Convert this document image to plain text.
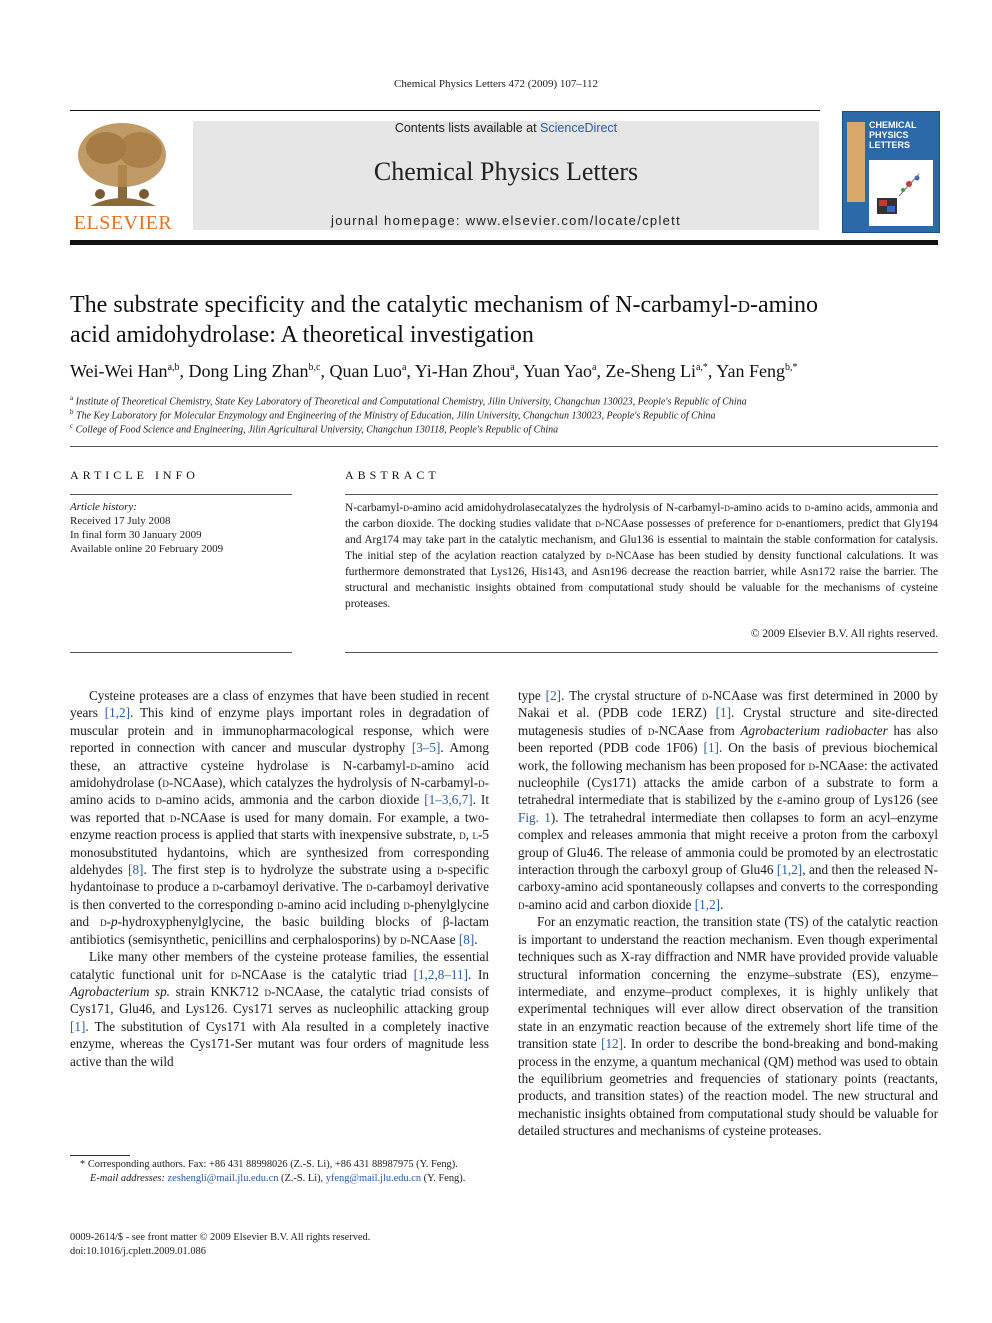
Chemical Physics Letters 472 (2009) 107–112
ELSEVIER
Contents lists available at ScienceDirect
Chemical Physics Letters
journal homepage: www.elsevier.com/locate/cplett
CHEMICAL
PHYSICS
LETTERS
The substrate specificity and the catalytic mechanism of N-carbamyl-d-amino
acid amidohydrolase: A theoretical investigation
Wei-Wei Han$^{a,b}$, Dong Ling Zhan$^{b,c}$, Quan Luo$^a$, Yi-Han Zhou$^a$, Yuan Yao$^a$, Ze-Sheng $Li^{a,*}$, Yan Feng$^{b,*}$
$^a$ Institute of Theoretical Chemistry, State Key Laboratory of Theoretical and Computational Chemistry, Jilin University, Changchun 130023, People's Republic of China
$^b$ The Key Laboratory for Molecular Enzymology and Engineering of the Ministry of Education, Jilin University, Changchun 130023, People's Republic of China
$^c$ College of Food Science and Engineering, Jilin Agricultural University, Changchun 130118, People's Republic of China
ARTICLE INFO
Article history:
Received 17 July 2008
In final form 30 January 2009
Available online 20 February 2009
ABSTRACT
N-carbamyl-d-amino acid amidohydrolasecatalyzes the hydrolysis of N-carbamyl-d-amino acids to d-amino acids, ammonia and the carbon dioxide. The docking studies validate that d-NCAase possesses of preference for d-enantiomers, predict that Gly194 and Arg174 may take part in the catalytic mechanism, and Glu136 is essential to maintain the stable conformation for catalysis. The initial step of the acylation reaction catalyzed by d-NCAase has been studied by density functional calculations. It was furthermore demonstrated that Lys126, His143, and Asn196 decrease the reaction barrier, while Asn172 raise the barrier. The structural and mechanistic insights obtained from computational study should be valuable for the mechanisms of cysteine proteases.
© 2009 Elsevier B.V. All rights reserved.

Cysteine proteases are a class of enzymes that have been studied in recent years [1,2]. This kind of enzyme plays important roles in degradation of muscular protein and in immunopharmacological response, which were reported in connection with cancer and muscular dystrophy [3–5]. Among these, an attractive cysteine hydrolase is N-carbamyl-d-amino acid amidohydrolase (d-NCAase), which catalyzes the hydrolysis of N-carbamyl-d-amino acids to d-amino acids, ammonia and the carbon dioxide [1–3,6,7]. It was reported that d-NCAase is used for many domain. For example, a two-enzyme reaction process is applied that starts with inexpensive substrate, d, l-5 monosubstituted hydantoins, which are synthesized from corresponding aldehydes [8]. The first step is to hydrolyze the substrate using a d-specific hydantoinase to produce a d-carbamoyl derivative. The d-carbamoyl derivative is then converted to the corresponding d-amino acid including d-phenylglycine and d-p-hydroxyphenylglycine, the basic building blocks of β-lactam antibiotics (semisynthetic, penicillins and cerphalosporins) by d-NCAase [8].

Like many other members of the cysteine protease families, the essential catalytic functional unit for d-NCAase is the catalytic triad [1,2,8–11]. In Agrobacterium sp. strain KNK712 d-NCAase, the catalytic triad consists of Cys171, Glu46, and Lys126. Cys171 serves as nucleophilic attacking group [1]. The substitution of Cys171 with Ala resulted in a completely inactive enzyme, whereas the Cys171-Ser mutant was four orders of magnitude less active than the wild

* Corresponding authors. Fax: +86 431 88998026 (Z.-S. Li), +86 431 88987975 (Y. Feng).
E-mail addresses: zeshengli@mail.jlu.edu.cn (Z.-S. Li), yfeng@mail.jlu.edu.cn (Y. Feng).

type [2]. The crystal structure of d-NCAase was first determined in 2000 by Nakai et al. (PDB code 1ERZ) [1]. Crystal structure and site-directed mutagenesis studies of d-NCAase from Agrobacterium radiobacter has also been reported (PDB code 1F06) [1]. On the basis of previous biochemical work, the following mechanism has been proposed for d-NCAase: the activated nucleophile (Cys171) attacks the amide carbon of a substrate to form a tetrahedral intermediate that is stabilized by the ε-amino group of Lys126 (see Fig. 1). The tetrahedral intermediate then collapses to form an acyl–enzyme complex and releases ammonia that might receive a proton from the carboxyl group of Glu46. The release of ammonia could be promoted by an electrostatic interaction through the carboxyl group of Glu46 [1,2], and then the released N-carboxy-amino acid spontaneously collapses and converts to the corresponding d-amino acid and carbon dioxide [1,2].

For an enzymatic reaction, the transition state (TS) of the catalytic reaction is important to understand the reaction mechanism. Even though experimental techniques such as X-ray diffraction and NMR have provided provide valuable structural information concerning the enzyme–substrate (ES), enzyme–intermediate, and enzyme–product complexes, it is highly unlikely that experimental techniques will ever allow direct observation of the transition state in an enzymatic reaction because of the extremely short life time of the transition state [12]. In order to describe the bond-breaking and bond-making process in the enzyme, a quantum mechanical (QM) method was used to obtain the equilibrium geometries and frequencies of stationary points (reactants, products, and transition states) of the reaction model. The new structural and mechanistic insights obtained from computational study should be valuable for detailed structures and mechanisms of cysteine proteases.

0009-2614/$ - see front matter © 2009 Elsevier B.V. All rights reserved.
doi:10.1016/j.cplett.2009.01.086
